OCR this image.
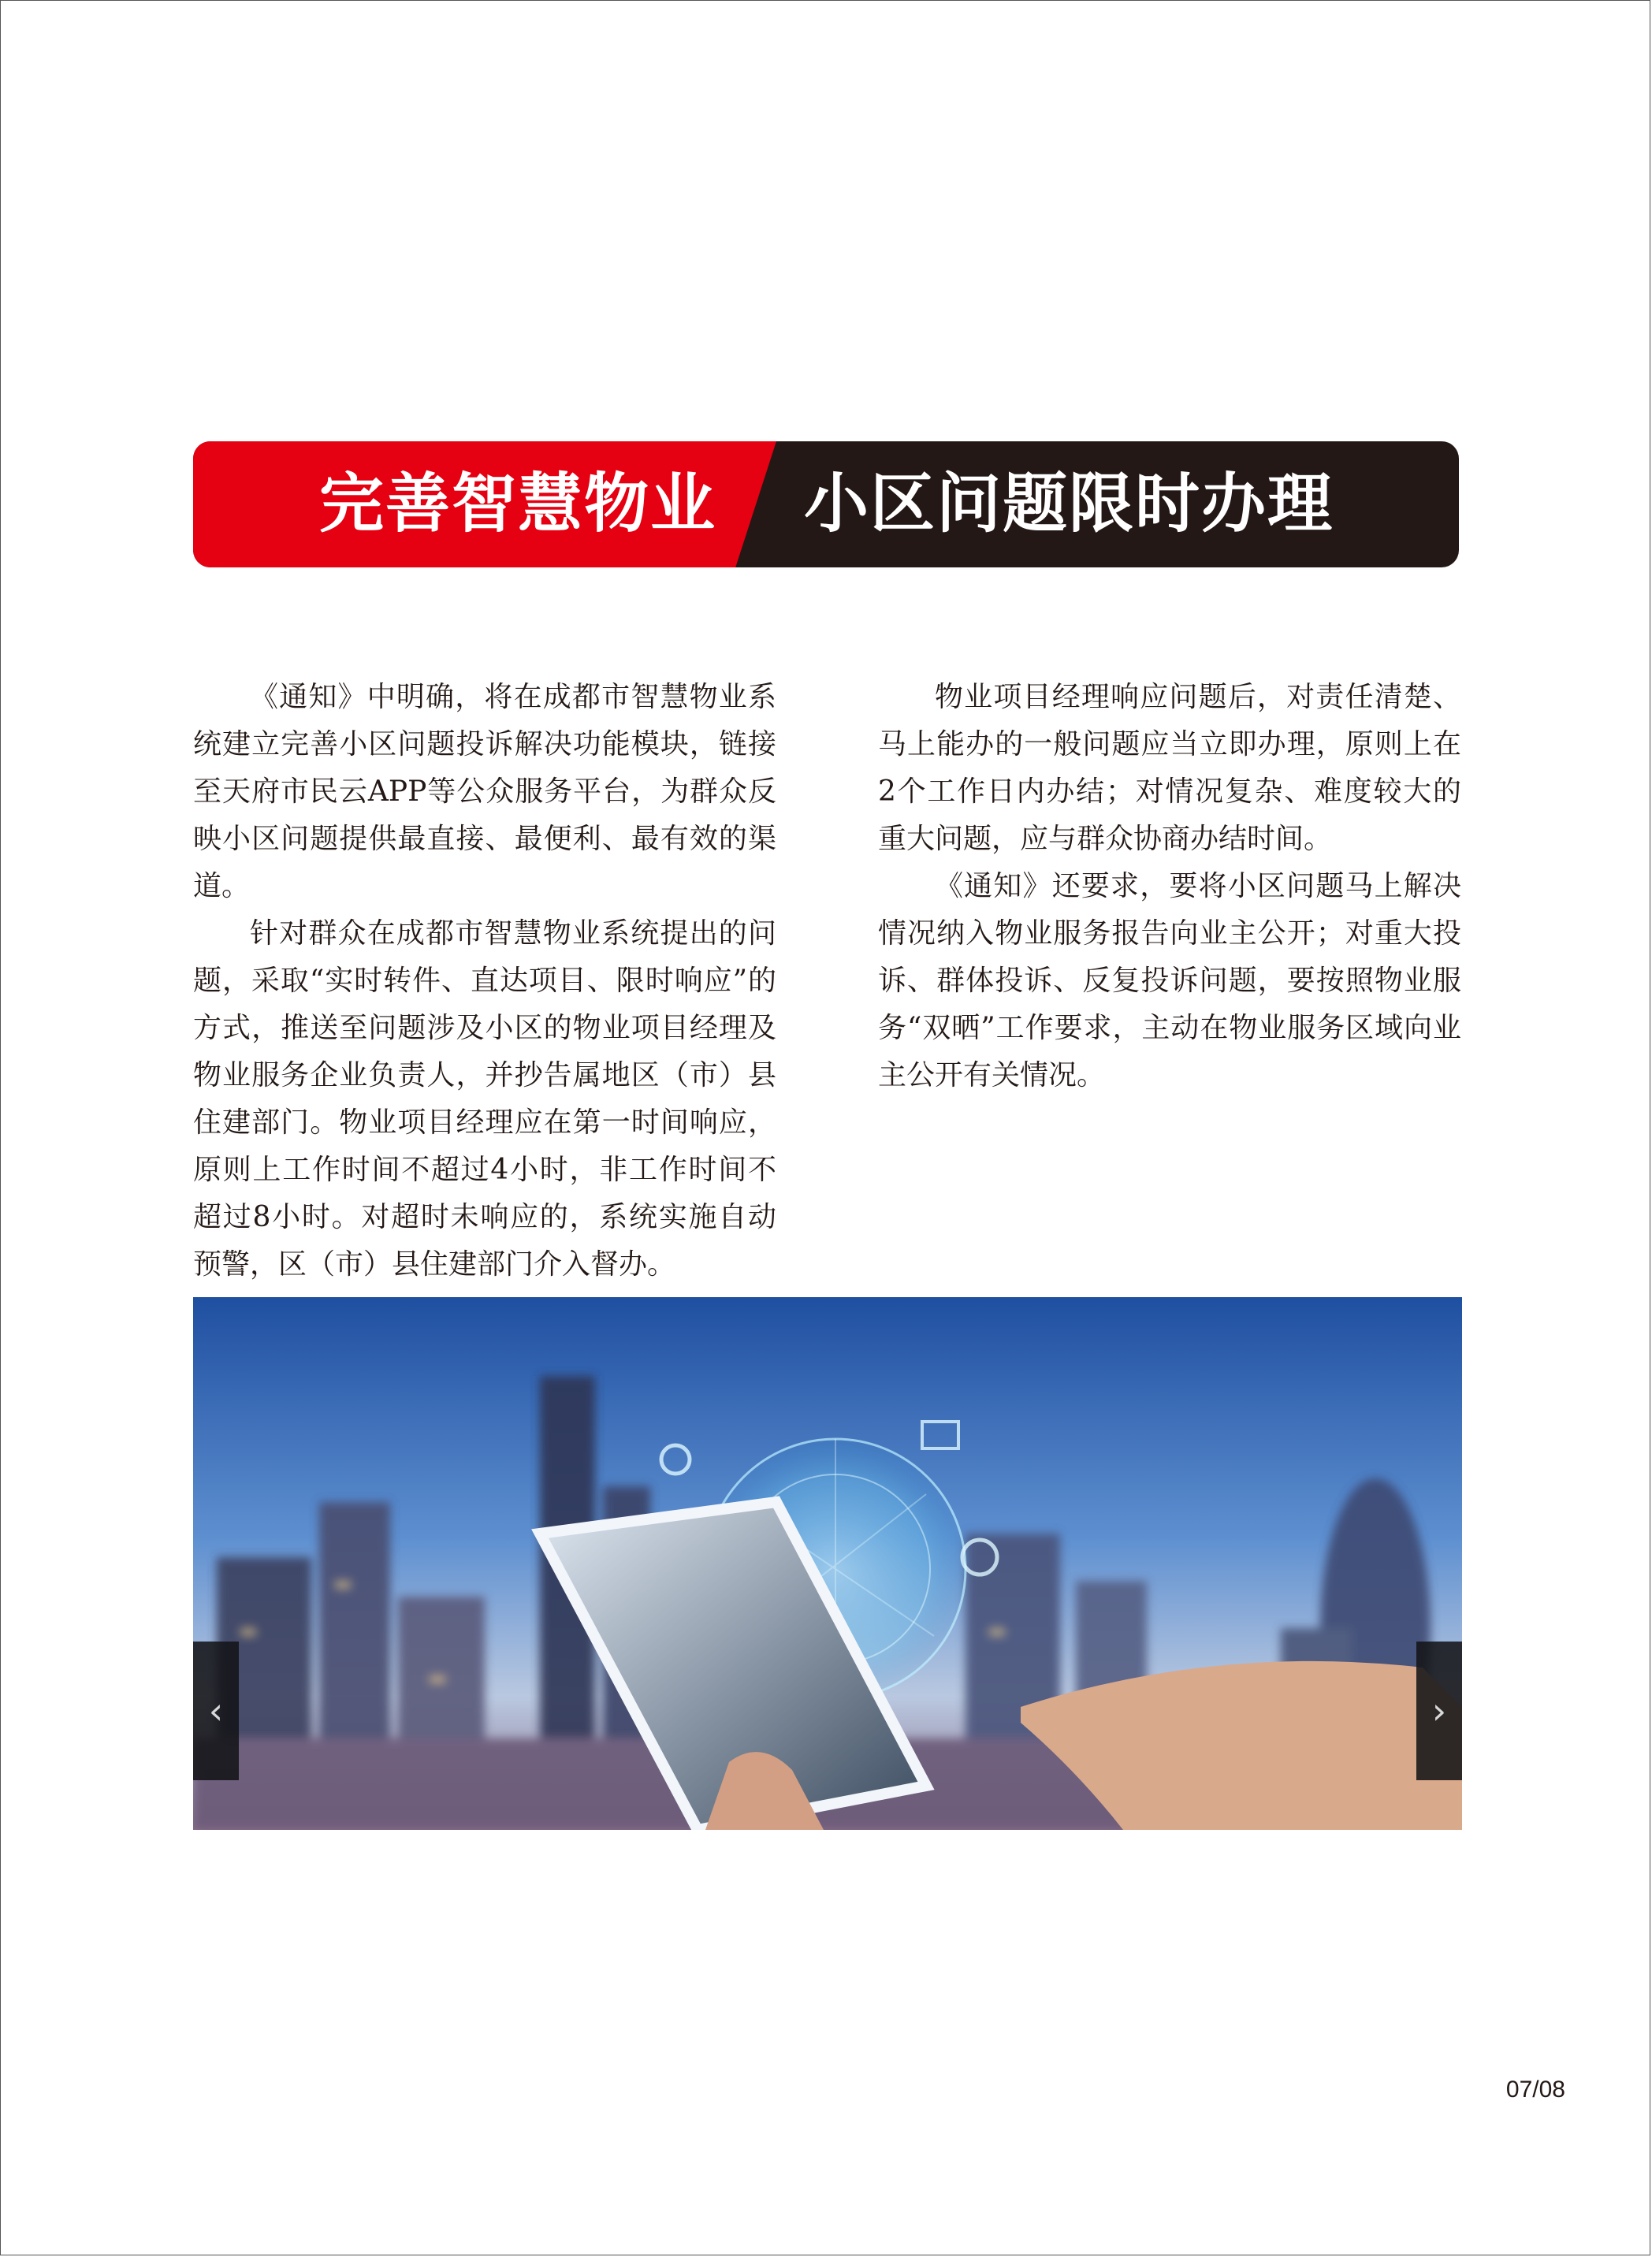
完善智慧物业 小区问题限时办理

《通知》中明确，将在成都市智慧物业系统建立完善小区问题投诉解决功能模块，链接至天府市民云APP等公众服务平台，为群众反映小区问题提供最直接、最便利、最有效的渠道。

针对群众在成都市智慧物业系统提出的问题，采取“实时转件、直达项目、限时响应”的方式，推送至问题涉及小区的物业项目经理及物业服务企业负责人，并抄告属地区（市）县住建部门。物业项目经理应在第一时间响应，原则上工作时间不超过4小时，非工作时间不超过8小时。对超时未响应的，系统实施自动预警，区（市）县住建部门介入督办。

物业项目经理响应问题后，对责任清楚、马上能办的一般问题应当立即办理，原则上在2个工作日内办结；对情况复杂、难度较大的重大问题，应与群众协商办结时间。

《通知》还要求，要将小区问题马上解决情况纳入物业服务报告向业主公开；对重大投诉、群体投诉、反复投诉问题，要按照物业服务“双晒”工作要求，主动在物业服务区域向业主公开有关情况。

‹	›
07/08
